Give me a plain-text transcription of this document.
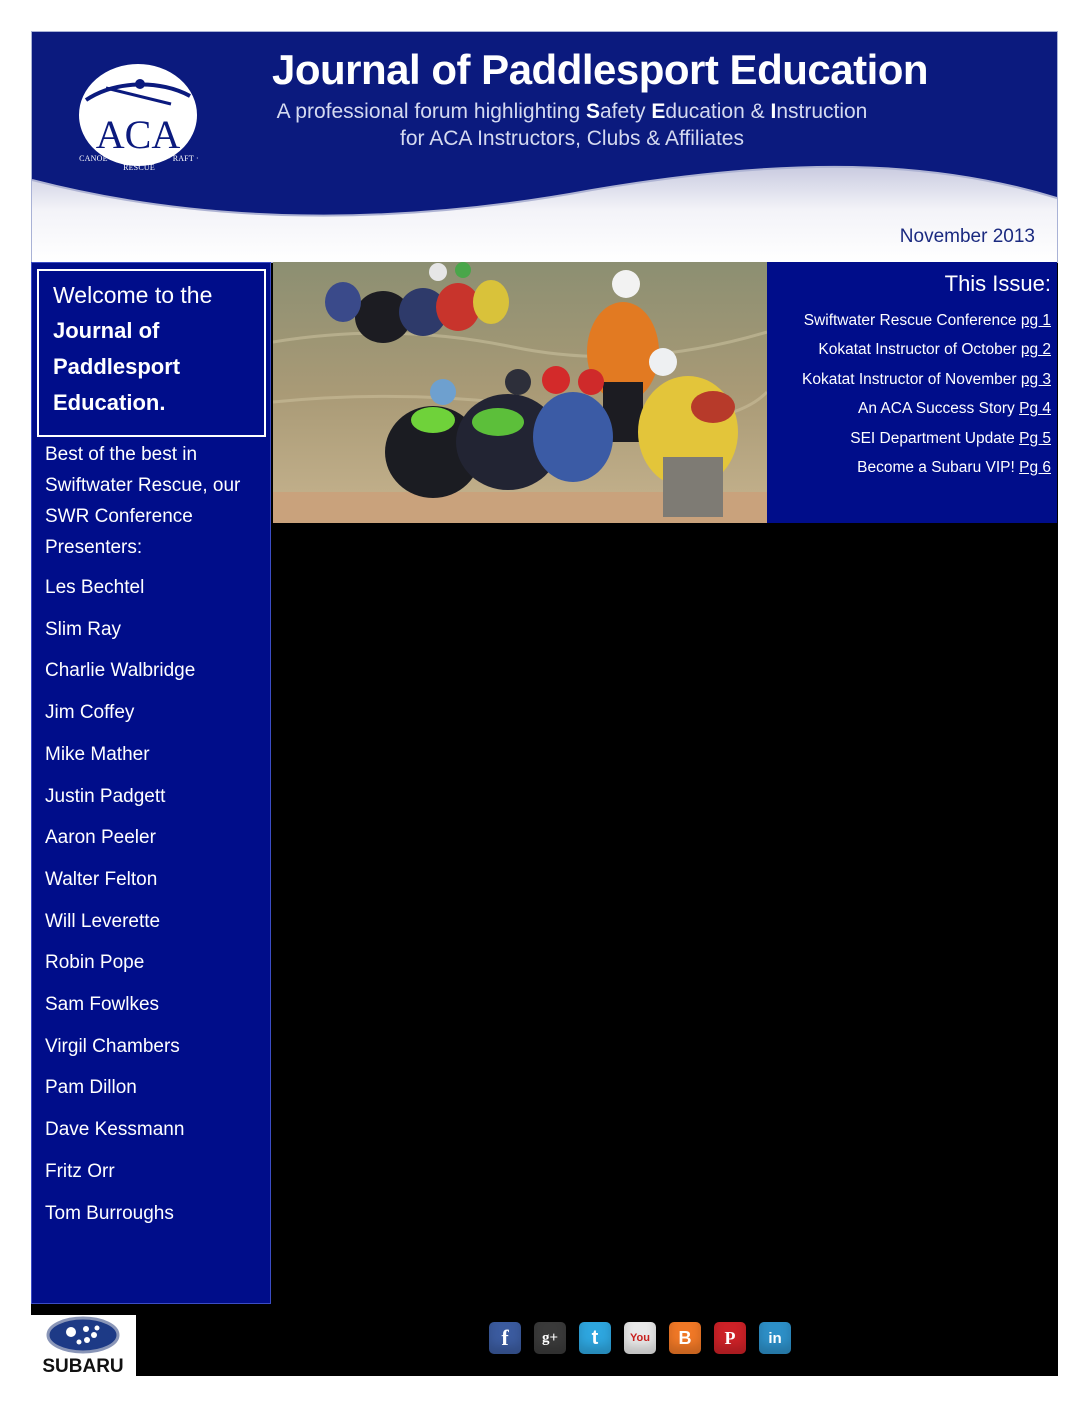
ACA
CANOE · KAYAK · SUP · RAFT · RESCUE
Journal of Paddlesport Education
A professional forum highlighting Safety Education & Instruction
for ACA Instructors, Clubs & Affiliates
November 2013
Welcome to the
Journal of
Paddlesport
Education.
Best of the best in Swiftwater Rescue, our SWR Conference Presenters:
Les Bechtel
Slim Ray
Charlie Walbridge
Jim Coffey
Mike Mather
Justin Padgett
Aaron Peeler
Walter Felton
Will Leverette
Robin Pope
Sam Fowlkes
Virgil Chambers
Pam Dillon
Dave Kessmann
Fritz Orr
Tom Burroughs
This Issue:
Swiftwater Rescue Conference pg 1
Kokatat Instructor of October pg 2
Kokatat Instructor of November pg 3
An ACA Success Story Pg 4
SEI Department Update Pg 5
Become a Subaru VIP! Pg 6
SUBARU
f	g+	t	You	B	P	in
